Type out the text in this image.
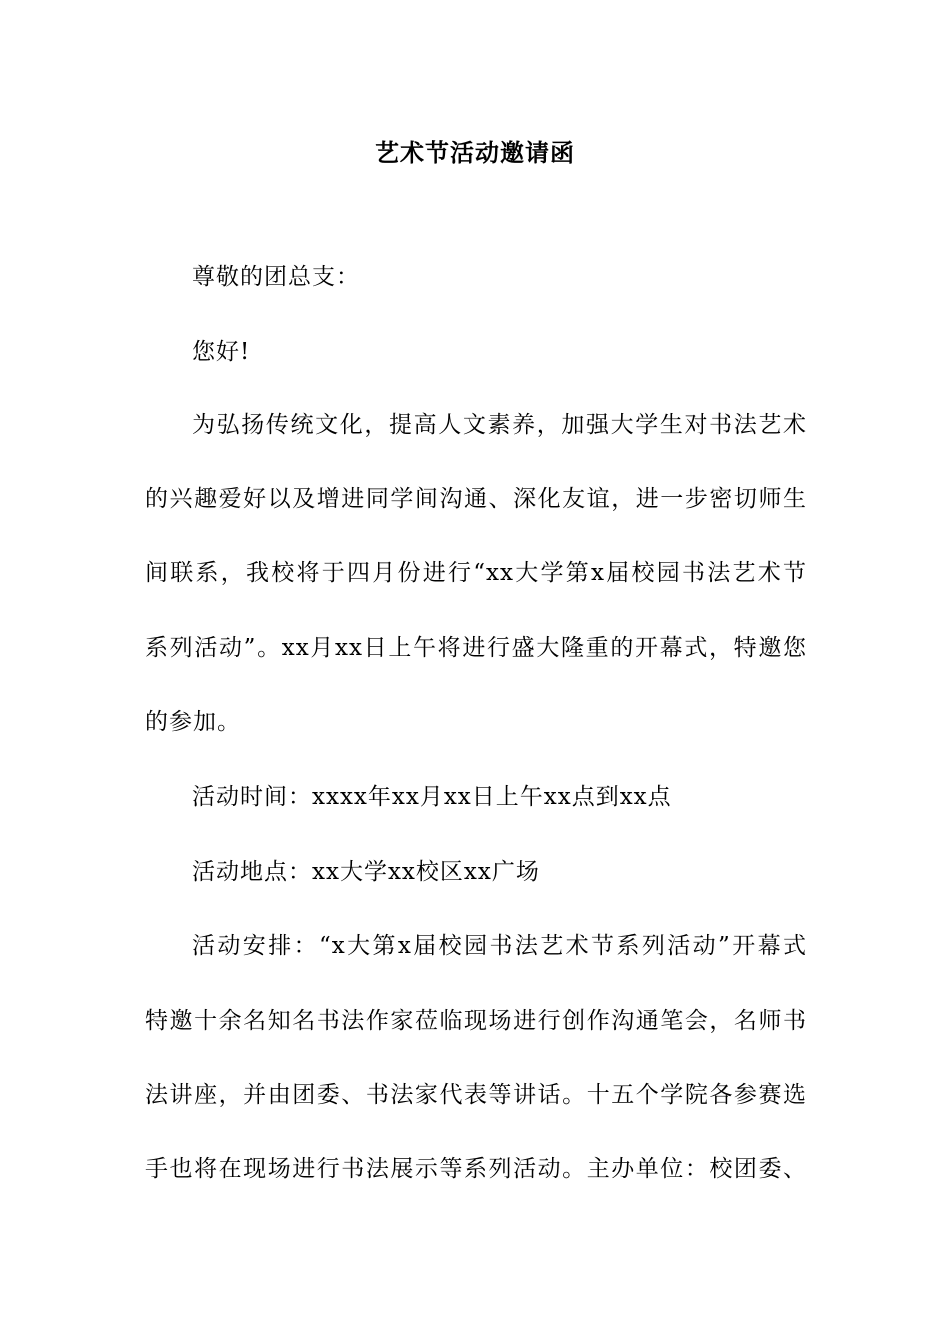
艺术节活动邀请函
尊敬的团总支：
您好!
为弘扬传统文化，提高人文素养，加强大学生对书法艺术
的兴趣爱好以及增进同学间沟通、深化友谊，进一步密切师生
间联系，我校将于四月份进行“xx大学第x届校园书法艺术节
系列活动”。xx月xx日上午将进行盛大隆重的开幕式，特邀您
的参加。
活动时间：xxxx年xx月xx日上午xx点到xx点
活动地点：xx大学xx校区xx广场
活动安排：“x大第x届校园书法艺术节系列活动”开幕式
特邀十余名知名书法作家莅临现场进行创作沟通笔会，名师书
法讲座，并由团委、书法家代表等讲话。十五个学院各参赛选
手也将在现场进行书法展示等系列活动。主办单位：校团委、
